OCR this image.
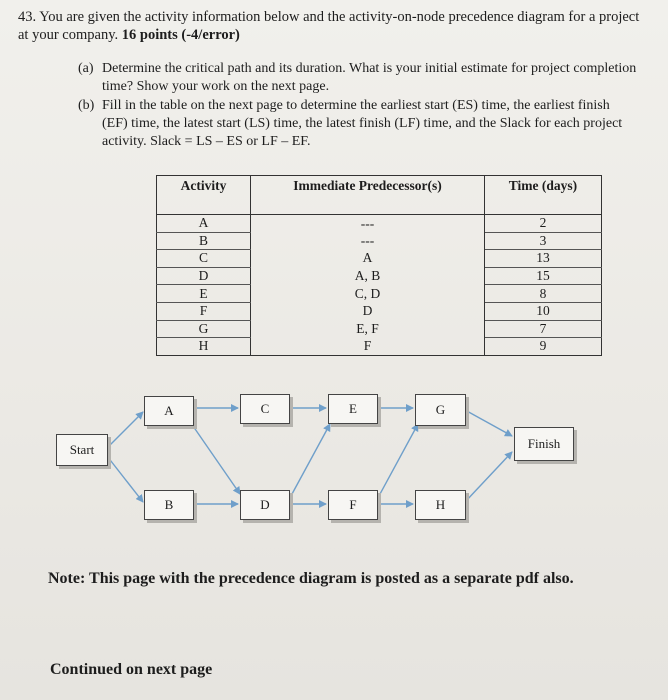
43. You are given the activity information below and the activity-on-node precedence diagram for a project at your company. 16 points (-4/error)
(a) Determine the critical path and its duration. What is your initial estimate for project completion time? Show your work on the next page.
(b) Fill in the table on the next page to determine the earliest start (ES) time, the earliest finish (EF) time, the latest start (LS) time, the latest finish (LF) time, and the Slack for each project activity. Slack = LS – ES or LF – EF.
Activity	Immediate Predecessor(s)	Time (days)
A	---	2
B	---	3
C	A	13
D	A, B	15
E	C, D	8
F	D	10
G	E, F	7
H	F	9
Start
A
B
C
D
E
F
G
H
Finish
Note: This page with the precedence diagram is posted as a separate pdf also.
Continued on next page
